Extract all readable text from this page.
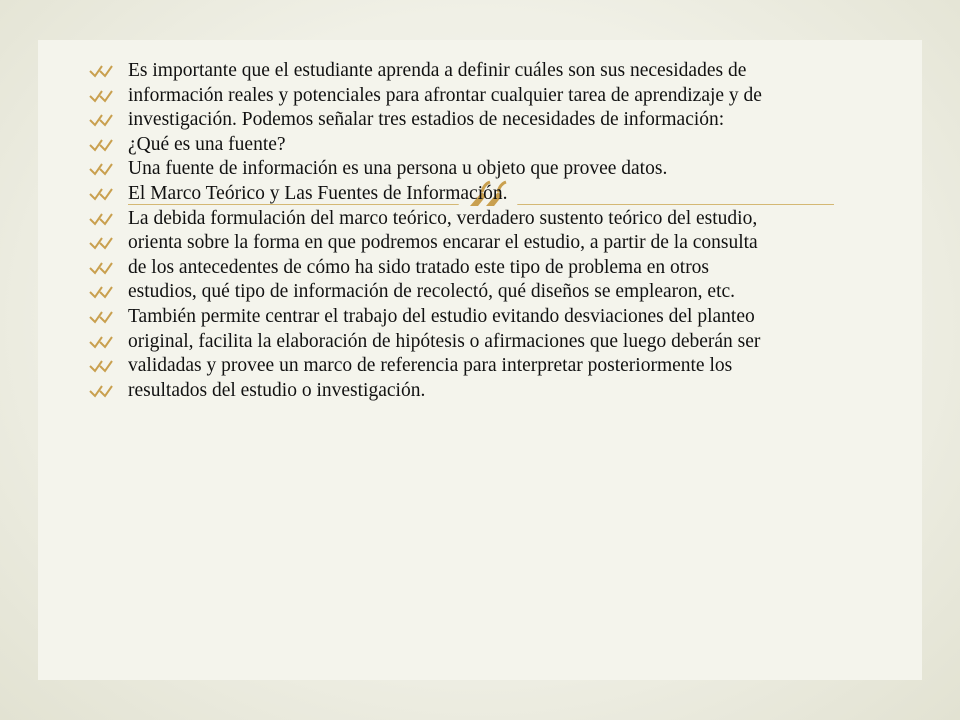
Es importante que el estudiante aprenda a definir cuáles son sus necesidades de
información reales y potenciales para afrontar cualquier tarea de aprendizaje y de
investigación. Podemos señalar tres estadios de necesidades de información:
¿Qué es una fuente?
Una fuente de información es una persona u objeto que provee datos.
El Marco Teórico y Las Fuentes de Información.
La debida formulación del marco teórico, verdadero sustento teórico del estudio,
orienta sobre la forma en que podremos encarar el estudio, a partir de la consulta
de los antecedentes de cómo ha sido tratado este tipo de problema en otros
estudios, qué tipo de información de recolectó, qué diseños se emplearon, etc.
También permite centrar el trabajo del estudio evitando desviaciones del planteo
original, facilita la elaboración de hipótesis o afirmaciones que luego deberán ser
validadas y provee un marco de referencia para interpretar posteriormente los
resultados del estudio o investigación.
